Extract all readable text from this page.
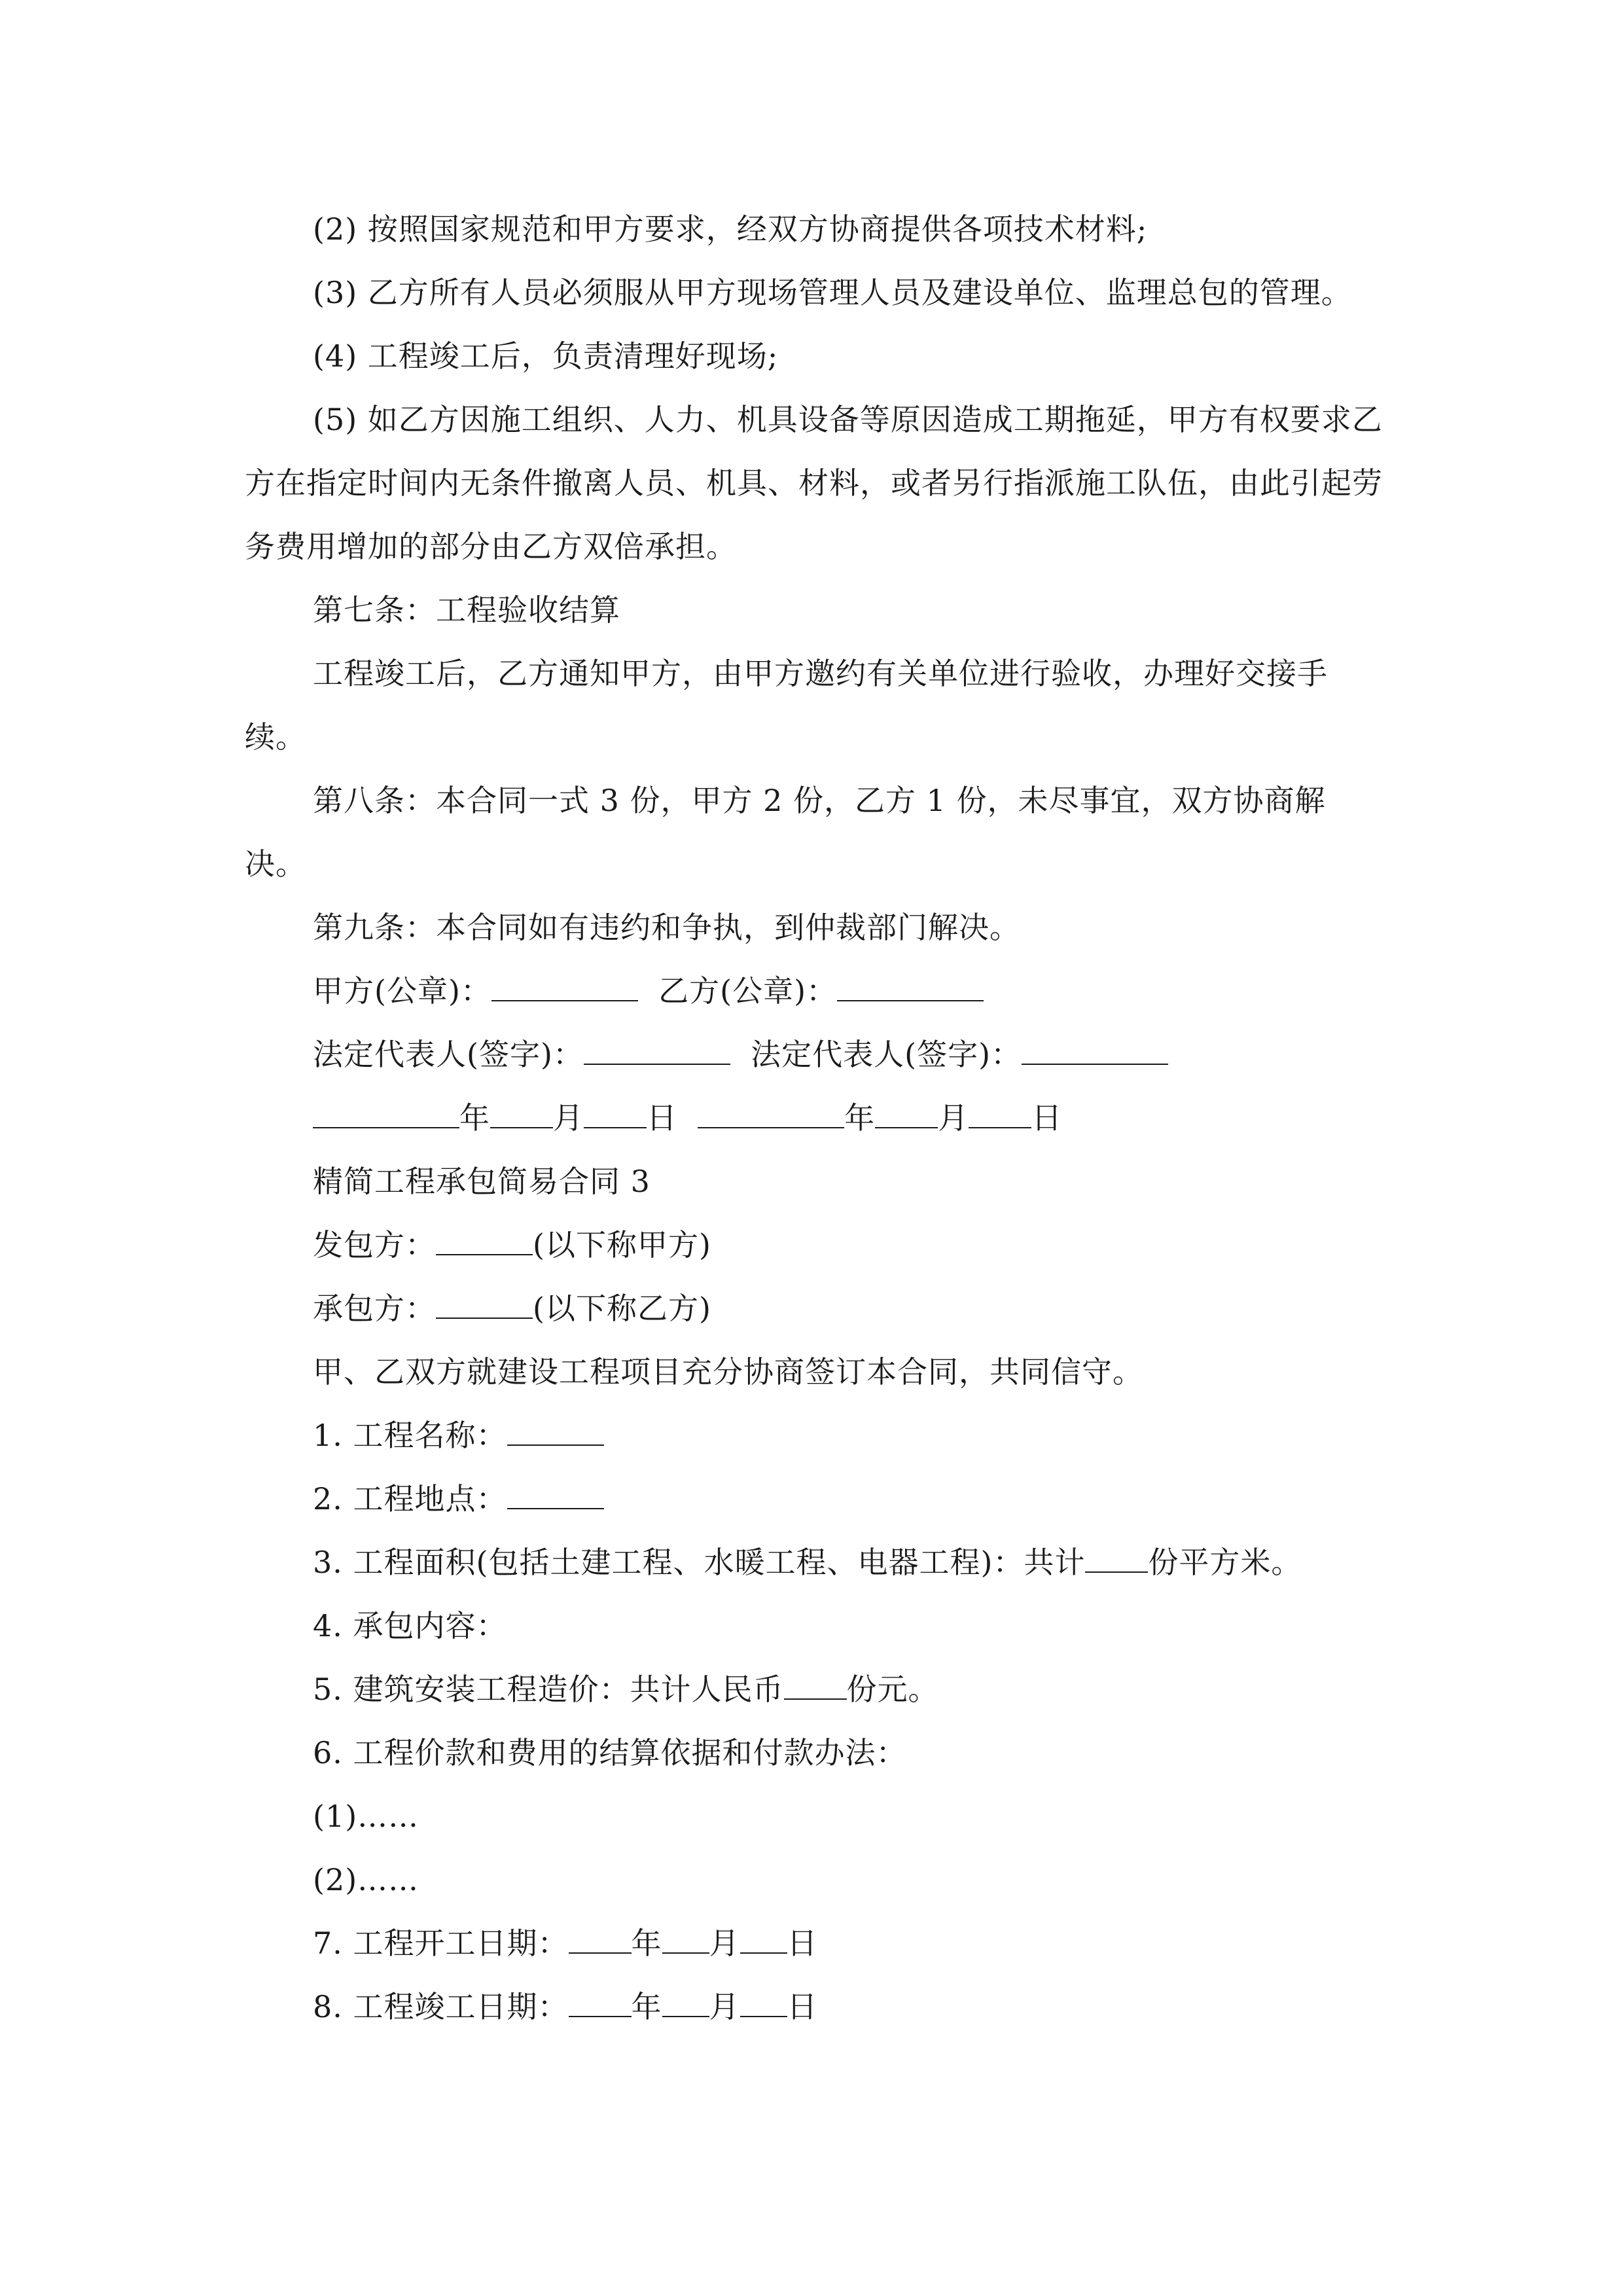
(2) 按照国家规范和甲方要求，经双方协商提供各项技术材料;

(3) 乙方所有人员必须服从甲方现场管理人员及建设单位、监理总包的管理。

(4) 工程竣工后，负责清理好现场;

(5) 如乙方因施工组织、人力、机具设备等原因造成工期拖延，甲方有权要求乙方在指定时间内无条件撤离人员、机具、材料，或者另行指派施工队伍，由此引起劳务费用增加的部分由乙方双倍承担。

第七条：工程验收结算

工程竣工后，乙方通知甲方，由甲方邀约有关单位进行验收，办理好交接手续。

第八条：本合同一式 3 份，甲方 2 份，乙方 1 份，未尽事宜，双方协商解决。

第九条：本合同如有违约和争执，到仲裁部门解决。

甲方(公章)：	乙方(公章)：

法定代表人(签字)：	法定代表人(签字)：

年 月 日	年 月 日

精简工程承包简易合同 3

发包方：	(以下称甲方)

承包方：	(以下称乙方)

甲、乙双方就建设工程项目充分协商签订本合同，共同信守。

1. 工程名称：

2. 工程地点：

3. 工程面积(包括土建工程、水暖工程、电器工程)：共计 份平方米。

4. 承包内容：

5. 建筑安装工程造价：共计人民币 份元。

6. 工程价款和费用的结算依据和付款办法：

(1)……

(2)……

7. 工程开工日期： 年 月 日

8. 工程竣工日期： 年 月 日
